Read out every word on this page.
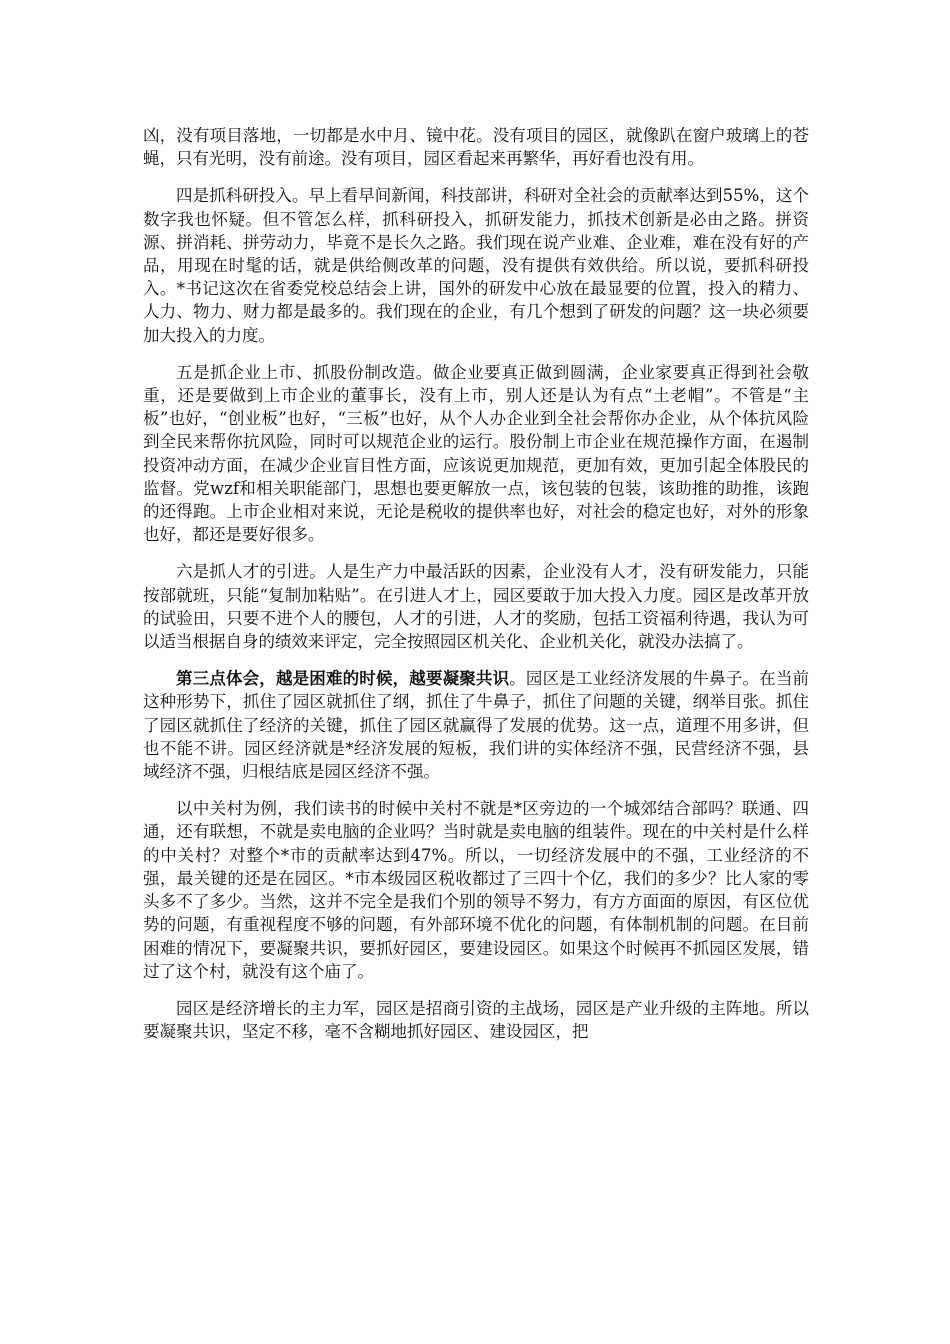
凶，没有项目落地，一切都是水中月、镜中花。没有项目的园区，就像趴在窗户玻璃上的苍蝇，只有光明，没有前途。没有项目，园区看起来再繁华，再好看也没有用。

四是抓科研投入。早上看早间新闻，科技部讲，科研对全社会的贡献率达到55%，这个数字我也怀疑。但不管怎么样，抓科研投入，抓研发能力，抓技术创新是必由之路。拼资源、拼消耗、拼劳动力，毕竟不是长久之路。我们现在说产业难、企业难，难在没有好的产品，用现在时髦的话，就是供给侧改革的问题，没有提供有效供给。所以说，要抓科研投入。*书记这次在省委党校总结会上讲，国外的研发中心放在最显要的位置，投入的精力、人力、物力、财力都是最多的。我们现在的企业，有几个想到了研发的问题？这一块必须要加大投入的力度。

五是抓企业上市、抓股份制改造。做企业要真正做到圆满，企业家要真正得到社会敬重，还是要做到上市企业的董事长，没有上市，别人还是认为有点“土老帽”。不管是“主板”也好，“创业板”也好，“三板”也好，从个人办企业到全社会帮你办企业，从个体抗风险到全民来帮你抗风险，同时可以规范企业的运行。股份制上市企业在规范操作方面，在遏制投资冲动方面，在减少企业盲目性方面，应该说更加规范，更加有效，更加引起全体股民的监督。党wzf和相关职能部门，思想也要更解放一点，该包装的包装，该助推的助推，该跑的还得跑。上市企业相对来说，无论是税收的提供率也好，对社会的稳定也好，对外的形象也好，都还是要好很多。

六是抓人才的引进。人是生产力中最活跃的因素，企业没有人才，没有研发能力，只能按部就班，只能“复制加粘贴”。在引进人才上，园区要敢于加大投入力度。园区是改革开放的试验田，只要不进个人的腰包，人才的引进，人才的奖励，包括工资福利待遇，我认为可以适当根据自身的绩效来评定，完全按照园区机关化、企业机关化，就没办法搞了。

第三点体会，越是困难的时候，越要凝聚共识。园区是工业经济发展的牛鼻子。在当前这种形势下，抓住了园区就抓住了纲，抓住了牛鼻子，抓住了问题的关键，纲举目张。抓住了园区就抓住了经济的关键，抓住了园区就赢得了发展的优势。这一点，道理不用多讲，但也不能不讲。园区经济就是*经济发展的短板，我们讲的实体经济不强，民营经济不强，县域经济不强，归根结底是园区经济不强。

以中关村为例，我们读书的时候中关村不就是*区旁边的一个城郊结合部吗？联通、四通，还有联想，不就是卖电脑的企业吗？当时就是卖电脑的组装件。现在的中关村是什么样的中关村？对整个*市的贡献率达到47%。所以，一切经济发展中的不强，工业经济的不强，最关键的还是在园区。*市本级园区税收都过了三四十个亿，我们的多少？比人家的零头多不了多少。当然，这并不完全是我们个别的领导不努力，有方方面面的原因，有区位优势的问题，有重视程度不够的问题，有外部环境不优化的问题，有体制机制的问题。在目前困难的情况下，要凝聚共识，要抓好园区，要建设园区。如果这个时候再不抓园区发展，错过了这个村，就没有这个庙了。

园区是经济增长的主力军，园区是招商引资的主战场，园区是产业升级的主阵地。所以要凝聚共识，坚定不移，毫不含糊地抓好园区、建设园区，把
